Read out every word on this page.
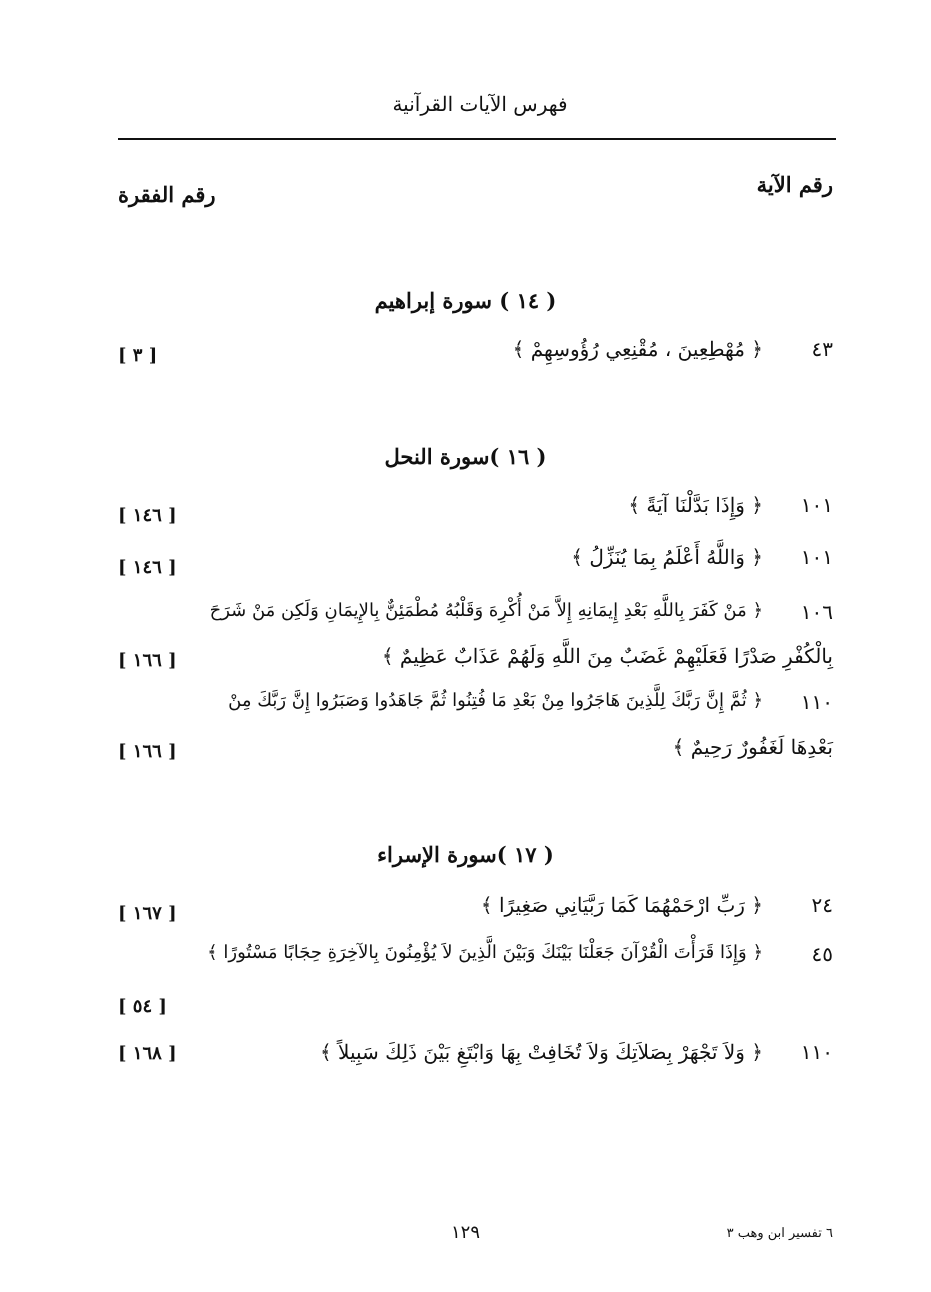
فهرس الآيات القرآنية
رقم الآية
رقم الفقرة
( ١٤ ) سورة إبراهيم
٤٣
﴿ مُهْطِعِينَ ، مُقْنِعِي رُؤُوسِهِمْ ﴾
[ ٣ ]
( ١٦ )سورة النحل
١٠١
﴿ وَإِذَا بَدَّلْنَا آيَةً ﴾
[ ١٤٦ ]
١٠١
﴿ وَاللَّهُ أَعْلَمُ بِمَا يُنَزِّلُ ﴾
[ ١٤٦ ]
١٠٦
﴿ مَنْ كَفَرَ بِاللَّهِ بَعْدِ إِيمَانِهِ إِلاَّ مَنْ أُكْرِهَ وَقَلْبُهُ مُطْمَئِنٌّ بِالإِيمَانِ وَلَكِن مَنْ شَرَحَ
بِالْكُفْرِ صَدْرًا فَعَلَيْهِمْ غَضَبٌ مِنَ اللَّهِ وَلَهُمْ عَذَابٌ عَظِيمٌ ﴾
[ ١٦٦ ]
١١٠
﴿ ثُمَّ إِنَّ رَبَّكَ لِلَّذِينَ هَاجَرُوا مِنْ بَعْدِ مَا فُتِنُوا ثُمَّ جَاهَدُوا وَصَبَرُوا إِنَّ رَبَّكَ مِنْ
بَعْدِهَا لَغَفُورٌ رَحِيمٌ ﴾
[ ١٦٦ ]
( ١٧ )سورة الإسراء
٢٤
﴿ رَبِّ ارْحَمْهُمَا كَمَا رَبَّيَانِي صَغِيرًا ﴾
[ ١٦٧ ]
٤٥
﴿ وَإِذَا قَرَأْتَ الْقُرْآنَ جَعَلْنَا بَيْنَكَ وَبَيْنَ الَّذِينَ لاَ يُؤْمِنُونَ بِالآخِرَةِ حِجَابًا مَسْتُورًا ﴾
[ ٥٤ ]
١١٠
﴿ وَلاَ تَجْهَرْ بِصَلاَتِكَ وَلاَ تُخَافِتْ بِهَا وَابْتَغِ بَيْنَ ذَلِكَ سَبِيلاً ﴾
[ ١٦٨ ]
١٢٩	٦ تفسير ابن وهب ٣
